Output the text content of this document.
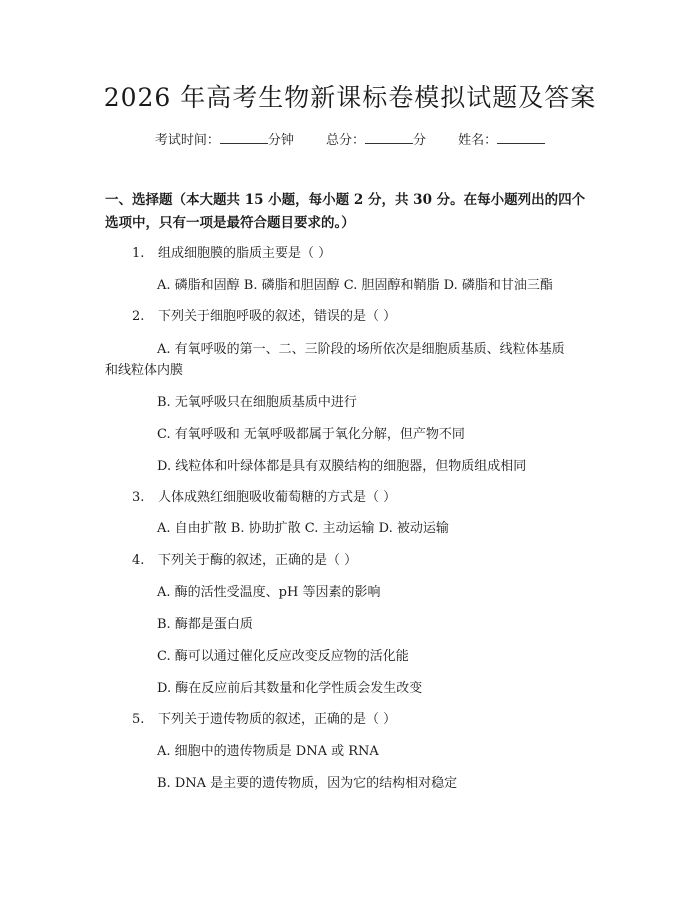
2026 年高考生物新课标卷模拟试题及答案
考试时间：	分钟 总分：	分 姓名：
一、选择题（本大题共 15 小题，每小题 2 分，共 30 分。在每小题列出的四个选项中，只有一项是最符合题目要求的。）
1. 组成细胞膜的脂质主要是（ ）
A. 磷脂和固醇 B. 磷脂和胆固醇 C. 胆固醇和鞘脂 D. 磷脂和甘油三酯
2. 下列关于细胞呼吸的叙述，错误的是（ ）
A. 有氧呼吸的第一、二、三阶段的场所依次是细胞质基质、线粒体基质
和线粒体内膜
B. 无氧呼吸只在细胞质基质中进行
C. 有氧呼吸和 无氧呼吸都属于氧化分解，但产物不同
D. 线粒体和叶绿体都是具有双膜结构的细胞器，但物质组成相同
3. 人体成熟红细胞吸收葡萄糖的方式是（ ）
A. 自由扩散 B. 协助扩散 C. 主动运输 D. 被动运输
4. 下列关于酶的叙述，正确的是（ ）
A. 酶的活性受温度、pH 等因素的影响
B. 酶都是蛋白质
C. 酶可以通过催化反应改变反应物的活化能
D. 酶在反应前后其数量和化学性质会发生改变
5. 下列关于遗传物质的叙述，正确的是（ ）
A. 细胞中的遗传物质是 DNA 或 RNA
B. DNA 是主要的遗传物质，因为它的结构相对稳定
